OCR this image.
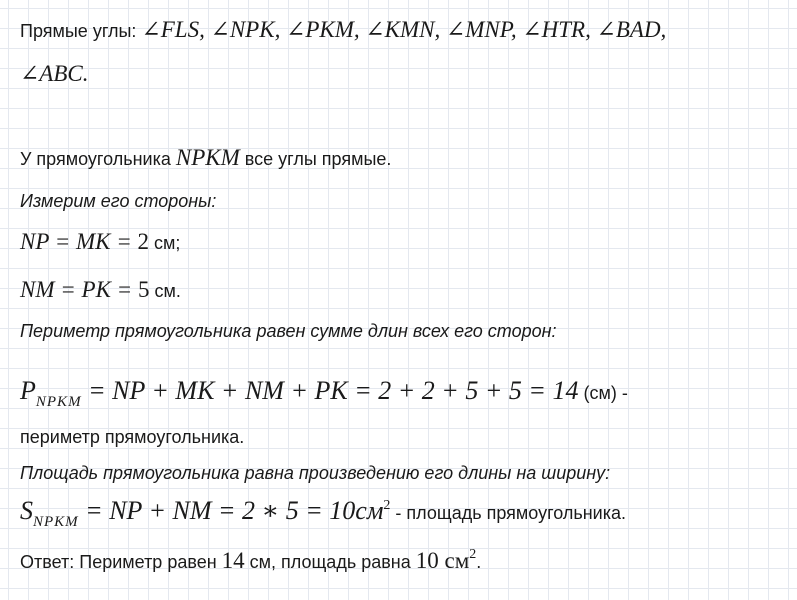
Прямые углы: ∠FLS, ∠NPK, ∠PKM, ∠KMN, ∠MNP, ∠HTR, ∠BAD,
∠ABC.
У прямоугольника NPKM все углы прямые.
Измерим его стороны:
NP = MK = 2 см;
NM = PK = 5 см.
Периметр прямоугольника равен сумме длин всех его сторон:
$P_{NPKM}$ = NP + MK + NM + PK = 2 + 2 + 5 + 5 = 14 (см) -
периметр прямоугольника.
Площадь прямоугольника равна произведению его длины на ширину:
$S_{NPKM}$ = NP + NM = 2 ∗ $5 = 10см^2$ - площадь прямоугольника.
Ответ: Периметр равен 14 см, площадь равна 10 $см^2$.
